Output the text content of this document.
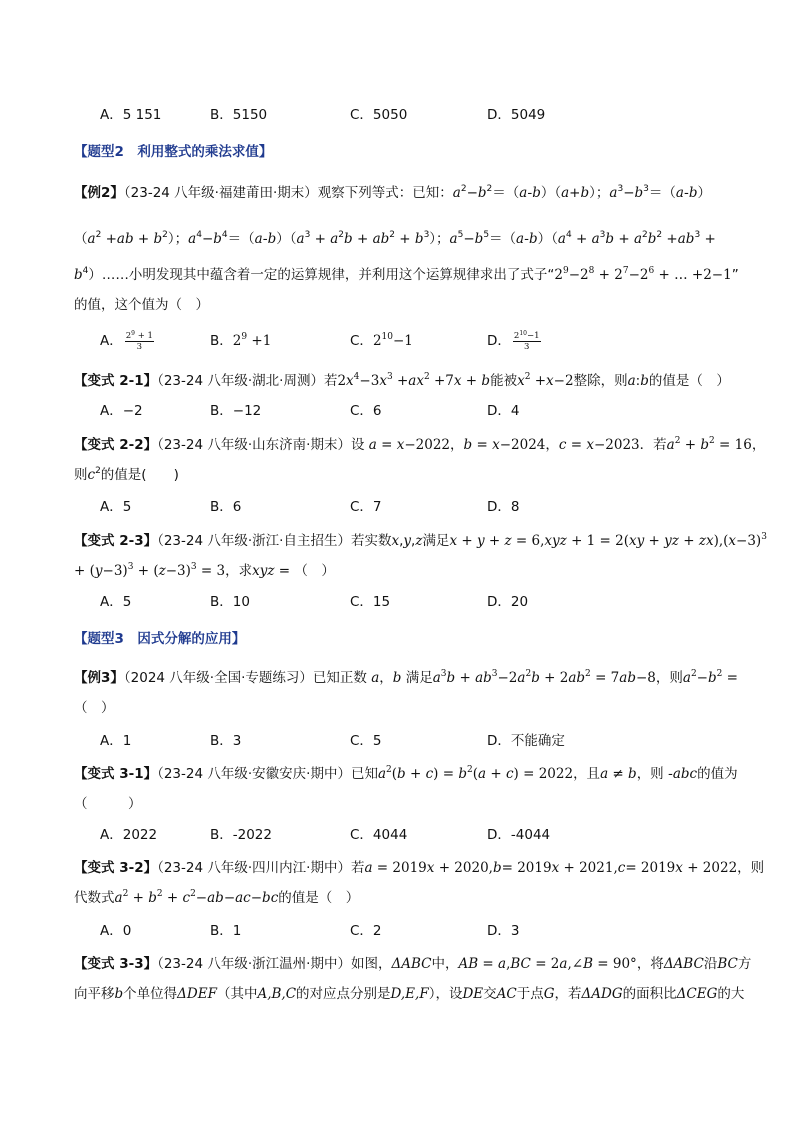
A．5 151	B．5150	C．5050	D．5049
【题型2　利用整式的乘法求值】
【例2】（23-24 八年级·福建莆田·期末）观察下列等式：已知：$a^2-b^2=(a-b)(a+b)$；$a^3-b^3=(a-b)$
$(a^2 +ab + b^2)$；$a^4-b^4=(a-b)(a^3 + a^2b + ab^2 + b^3)$；$a^5-b^5=(a-b)(a^4 + a^3b + a^2b^2 +ab^3$ +
$b^4)\dots\dots$小明发现其中蕴含着一定的运算规律，并利用这个运算规律求出了式子“$2^9-2^8 + 2^7-2^6$ + … +2−1”
的值，这个值为（　）
A． $\frac{2^9 + 1}{3}$	B．$2^9 +1$	C．$2^{10}-1$	D． $\frac{2^{10}-1}{3}$
【变式 2-1】（23-24 八年级·湖北·周测）若$2x^4-3x^3 +ax^2 +7x + b$能被$x^2 +x-2$整除，则a:b的值是（　）
A．−2	B．−12	C．6	D．4
【变式 2-2】（23-24 八年级·山东济南·期末）设 a = x−2022，b = x−2024，c = x−2023．若$a^2 + b^2 = 16$，
则$c^2$的值是(　　)
A．5	B．6	C．7	D．8
【变式 2-3】（23-24 八年级·浙江·自主招生）若实数x,y,z满足x + y + z = 6,xyz + 1 = 2(xy + yz + $zx),(x-3)^3$
+ $(y-3)^3 + (z-3)^3 = 3$，求xyz = （　）
A．5	B．10	C．15	D．20
【题型3　因式分解的应用】
【例3】（2024 八年级·全国·专题练习）已知正数 a，b 满足$a^3b + ab^3-2a^2b + 2ab^2 = 7ab-8$，则$a^2-b^2$ =
（　）
A．1	B．3	C．5	D．不能确定
【变式 3-1】（23-24 八年级·安徽安庆·期中）已知$a^2(b + c) = b^2(a + c) = 2022$，且a ≠ b，则 -abc的值为
（　　　）
A．2022	B．-2022	C．4044	D．-4044
【变式 3-2】（23-24 八年级·四川内江·期中）若a = 2019x + 2020,b= 2019x + 2021,c= 2019x + 2022，则
代数式$a^2 + b^2 + c^2-ab-ac-bc$的值是（　）
A．0	B．1	C．2	D．3
【变式 3-3】（23-24 八年级·浙江温州·期中）如图，ΔABC中，AB = a,BC = 2a,∠B = 90°，将ΔABC沿BC方
向平移b个单位得ΔDEF（其中A,B,C的对应点分别是D,E,F），设DE交AC于点G，若ΔADG的面积比ΔCEG的大
